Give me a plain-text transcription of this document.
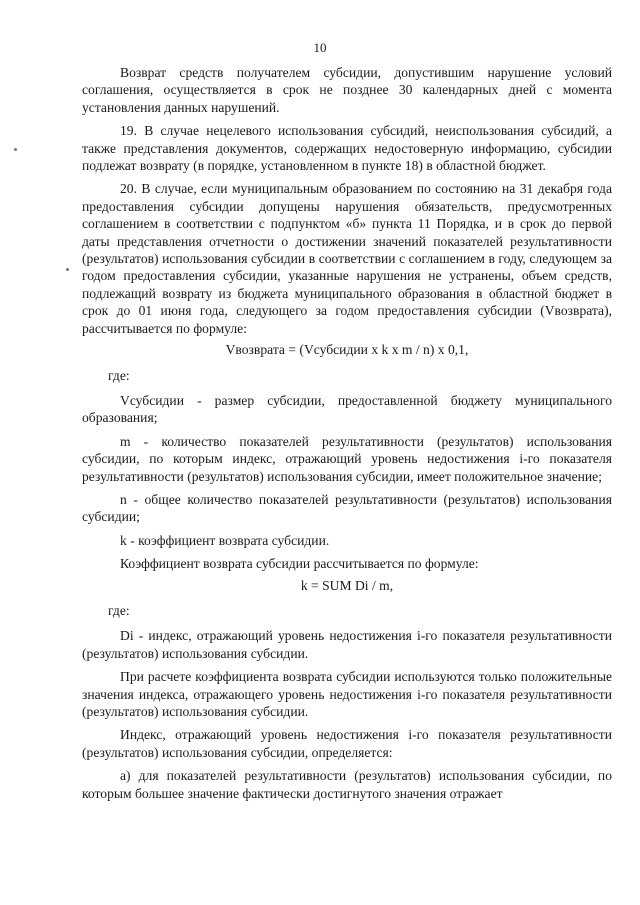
10

Возврат средств получателем субсидии, допустившим нарушение условий соглашения, осуществляется в срок не позднее 30 календарных дней с момента установления данных нарушений.

19. В случае нецелевого использования субсидий, неиспользования субсидий, а также представления документов, содержащих недостоверную информацию, субсидии подлежат возврату (в порядке, установленном в пункте 18) в областной бюджет.

20. В случае, если муниципальным образованием по состоянию на 31 декабря года предоставления субсидии допущены нарушения обязательств, предусмотренных соглашением в соответствии с подпунктом «б» пункта 11 Порядка, и в срок до первой даты представления отчетности о достижении значений показателей результативности (результатов) использования субсидии в соответствии с соглашением в году, следующем за годом предоставления субсидии, указанные нарушения не устранены, объем средств, подлежащий возврату из бюджета муниципального образования в областной бюджет в срок до 01 июня года, следующего за годом предоставления субсидии (Vвозврата), рассчитывается по формуле:

Vвозврата = (Vсубсидии x k x m / n) x 0,1,

где:

Vсубсидии - размер субсидии, предоставленной бюджету муниципального образования;

m - количество показателей результативности (результатов) использования субсидии, по которым индекс, отражающий уровень недостижения i-го показателя результативности (результатов) использования субсидии, имеет положительное значение;

n - общее количество показателей результативности (результатов) использования субсидии;

k - коэффициент возврата субсидии.

Коэффициент возврата субсидии рассчитывается по формуле:

k = SUM Di / m,

где:

Di - индекс, отражающий уровень недостижения i-го показателя результативности (результатов) использования субсидии.

При расчете коэффициента возврата субсидии используются только положительные значения индекса, отражающего уровень недостижения i-го показателя результативности (результатов) использования субсидии.

Индекс, отражающий уровень недостижения i-го показателя результативности (результатов) использования субсидии, определяется:

а) для показателей результативности (результатов) использования субсидии, по которым большее значение фактически достигнутого значения отражает
